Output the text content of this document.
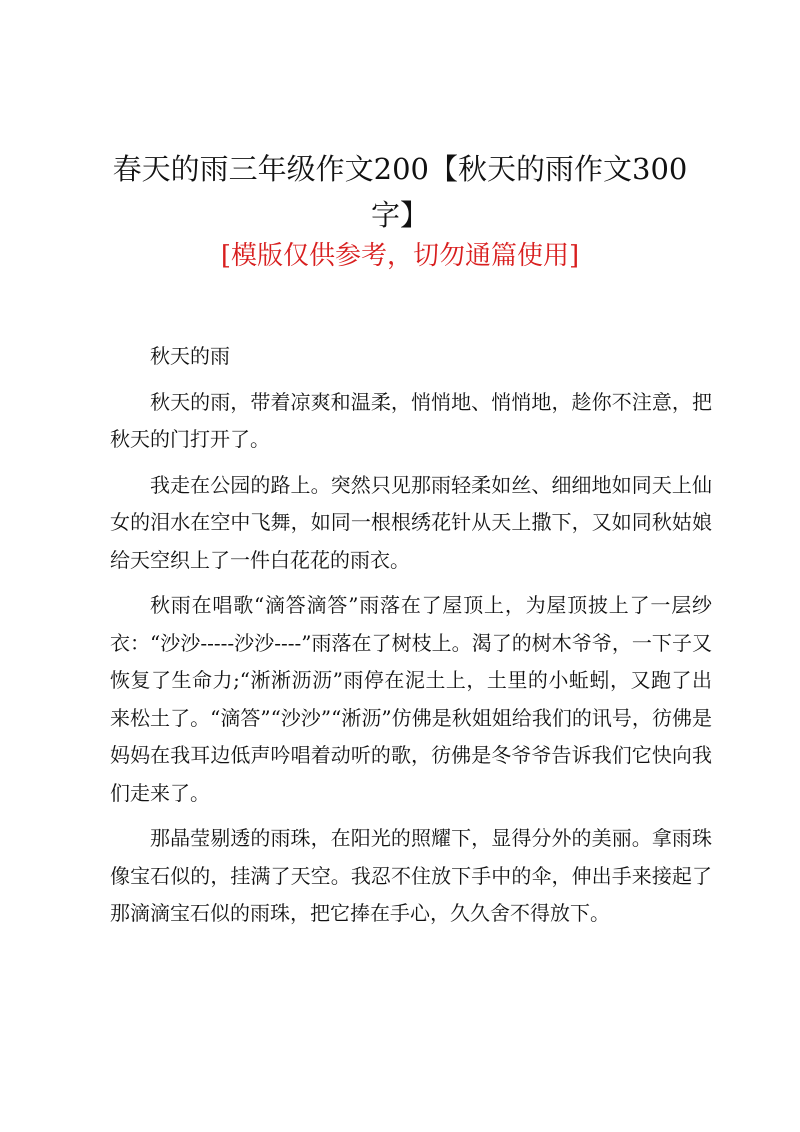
春天的雨三年级作文200【秋天的雨作文300字】

[模版仅供参考，切勿通篇使用]

秋天的雨

秋天的雨，带着凉爽和温柔，悄悄地、悄悄地，趁你不注意，把秋天的门打开了。

我走在公园的路上。突然只见那雨轻柔如丝、细细地如同天上仙女的泪水在空中飞舞，如同一根根绣花针从天上撒下，又如同秋姑娘给天空织上了一件白花花的雨衣。

秋雨在唱歌“滴答滴答”雨落在了屋顶上，为屋顶披上了一层纱衣：“沙沙-----沙沙----”雨落在了树枝上。渴了的树木爷爷，一下子又恢复了生命力;“淅淅沥沥”雨停在泥土上，土里的小蚯蚓，又跑了出来松土了。“滴答”“沙沙”“淅沥”仿佛是秋姐姐给我们的讯号，彷佛是妈妈在我耳边低声吟唱着动听的歌，彷佛是冬爷爷告诉我们它快向我们走来了。

那晶莹剔透的雨珠，在阳光的照耀下，显得分外的美丽。拿雨珠像宝石似的，挂满了天空。我忍不住放下手中的伞，伸出手来接起了那滴滴宝石似的雨珠，把它捧在手心，久久舍不得放下。
